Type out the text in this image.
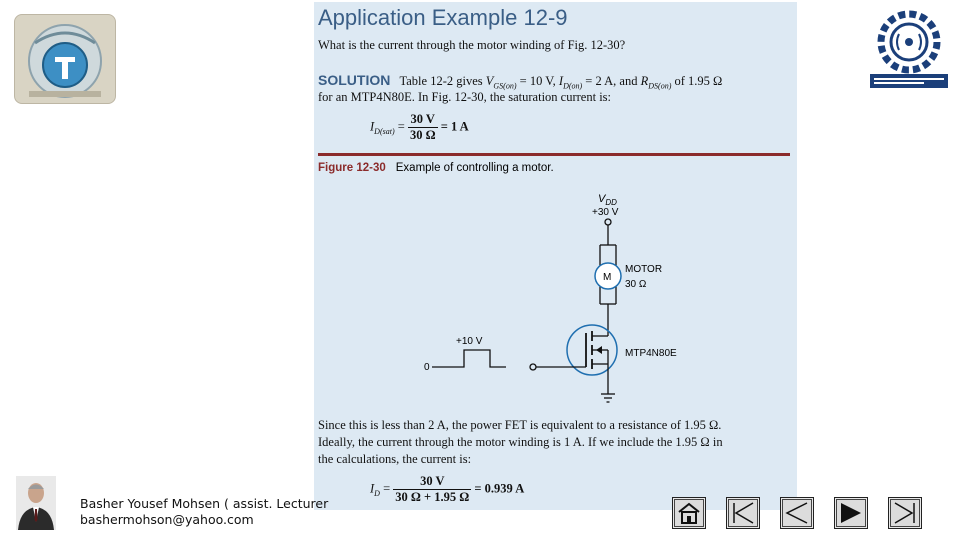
Application Example 12-9
What is the current through the motor winding of Fig. 12-30?
SOLUTION Table 12-2 gives $V_{GS(on)} = 10$ V, $I_{D(on)} = 2$ A, and $R_{DS(on)}$ of 1.95 Ω
for an MTP4N80E. In Fig. 12-30, the saturation current is:
$I_{D(sat)} = \frac{30 V}{30 \Omega} = 1$ A
Figure 12-30 Example of controlling a motor.
$V_{DD}$
+30 V
M
MOTOR
30 Ω
MTP4N80E
+10 V
0
Since this is less than 2 A, the power FET is equivalent to a resistance of 1.95 Ω.
Ideally, the current through the motor winding is 1 A. If we include the 1.95 Ω in
the calculations, the current is:
$I_D = \frac{30 V}{30 \Omega + 1.95 \Omega} = 0.939$ A
Basher Yousef Mohsen ( assist. Lecturer
bashermohson@yahoo.com
